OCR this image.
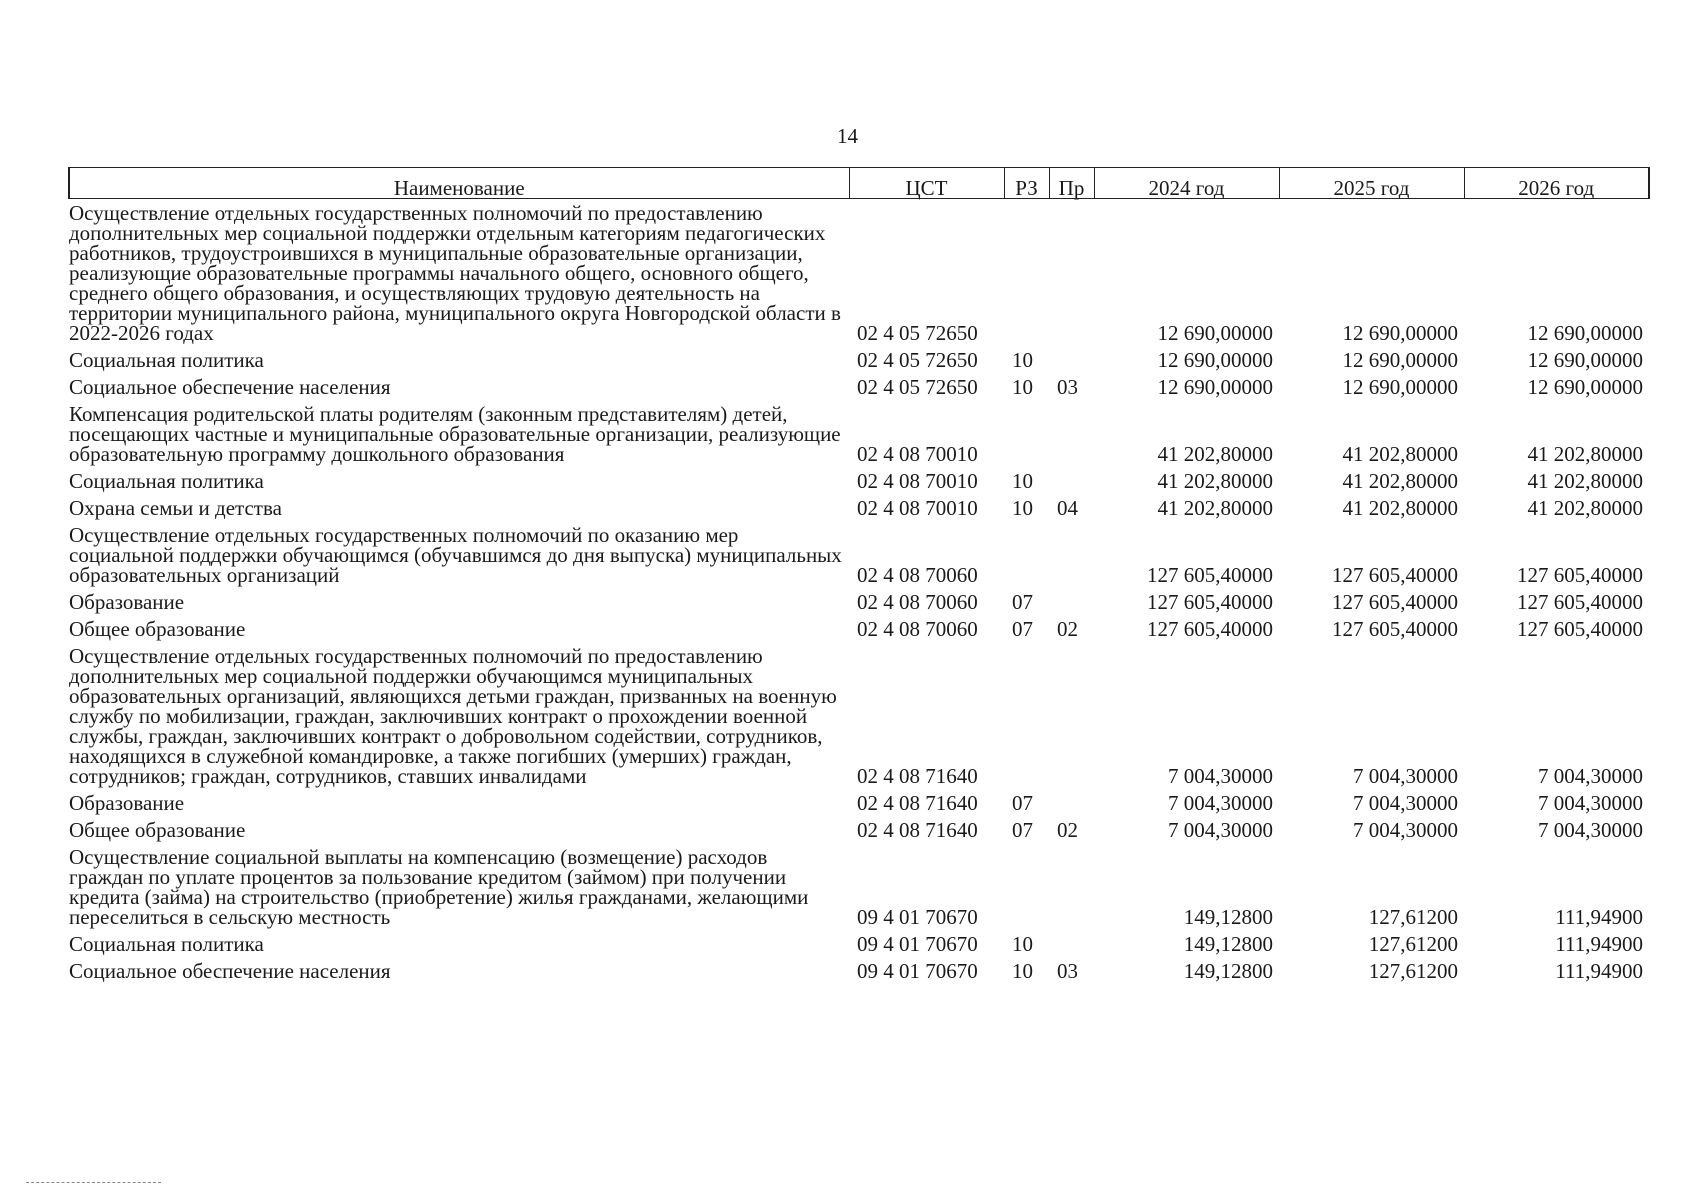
14
Наименование	ЦСТ	РЗ	Пр	2024 год	2025 год	2026 год
Осуществление отдельных государственных полномочий по предоставлению дополнительных мер социальной поддержки отдельным категориям педагогических работников, трудоустроившихся в муниципальные образовательные организации, реализующие образовательные программы начального общего, основного общего, среднего общего образования, и осуществляющих трудовую деятельность на территории муниципального района, муниципального округа Новгородской области в 2022-2026 годах	02 4 05 72650			12 690,00000	12 690,00000	12 690,00000
Социальная политика	02 4 05 72650	10		12 690,00000	12 690,00000	12 690,00000
Социальное обеспечение населения	02 4 05 72650	10	03	12 690,00000	12 690,00000	12 690,00000
Компенсация родительской платы родителям (законным представителям) детей, посещающих частные и муниципальные образовательные организации, реализующие образовательную программу дошкольного образования	02 4 08 70010			41 202,80000	41 202,80000	41 202,80000
Социальная политика	02 4 08 70010	10		41 202,80000	41 202,80000	41 202,80000
Охрана семьи и детства	02 4 08 70010	10	04	41 202,80000	41 202,80000	41 202,80000
Осуществление отдельных государственных полномочий по оказанию мер социальной поддержки обучающимся (обучавшимся до дня выпуска) муниципальных образовательных организаций	02 4 08 70060			127 605,40000	127 605,40000	127 605,40000
Образование	02 4 08 70060	07		127 605,40000	127 605,40000	127 605,40000
Общее образование	02 4 08 70060	07	02	127 605,40000	127 605,40000	127 605,40000
Осуществление отдельных государственных полномочий по предоставлению дополнительных мер социальной поддержки обучающимся муниципальных образовательных организаций, являющихся детьми граждан, призванных на военную службу по мобилизации, граждан, заключивших контракт о прохождении военной службы, граждан, заключивших контракт о добровольном содействии, сотрудников, находящихся в служебной командировке, а также погибших (умерших) граждан, сотрудников; граждан, сотрудников, ставших инвалидами	02 4 08 71640			7 004,30000	7 004,30000	7 004,30000
Образование	02 4 08 71640	07		7 004,30000	7 004,30000	7 004,30000
Общее образование	02 4 08 71640	07	02	7 004,30000	7 004,30000	7 004,30000
Осуществление социальной выплаты на компенсацию (возмещение) расходов граждан по уплате процентов за пользование кредитом (займом) при получении кредита (займа) на строительство (приобретение) жилья гражданами, желающими переселиться в сельскую местность	09 4 01 70670			149,12800	127,61200	111,94900
Социальная политика	09 4 01 70670	10		149,12800	127,61200	111,94900
Социальное обеспечение населения	09 4 01 70670	10	03	149,12800	127,61200	111,94900
